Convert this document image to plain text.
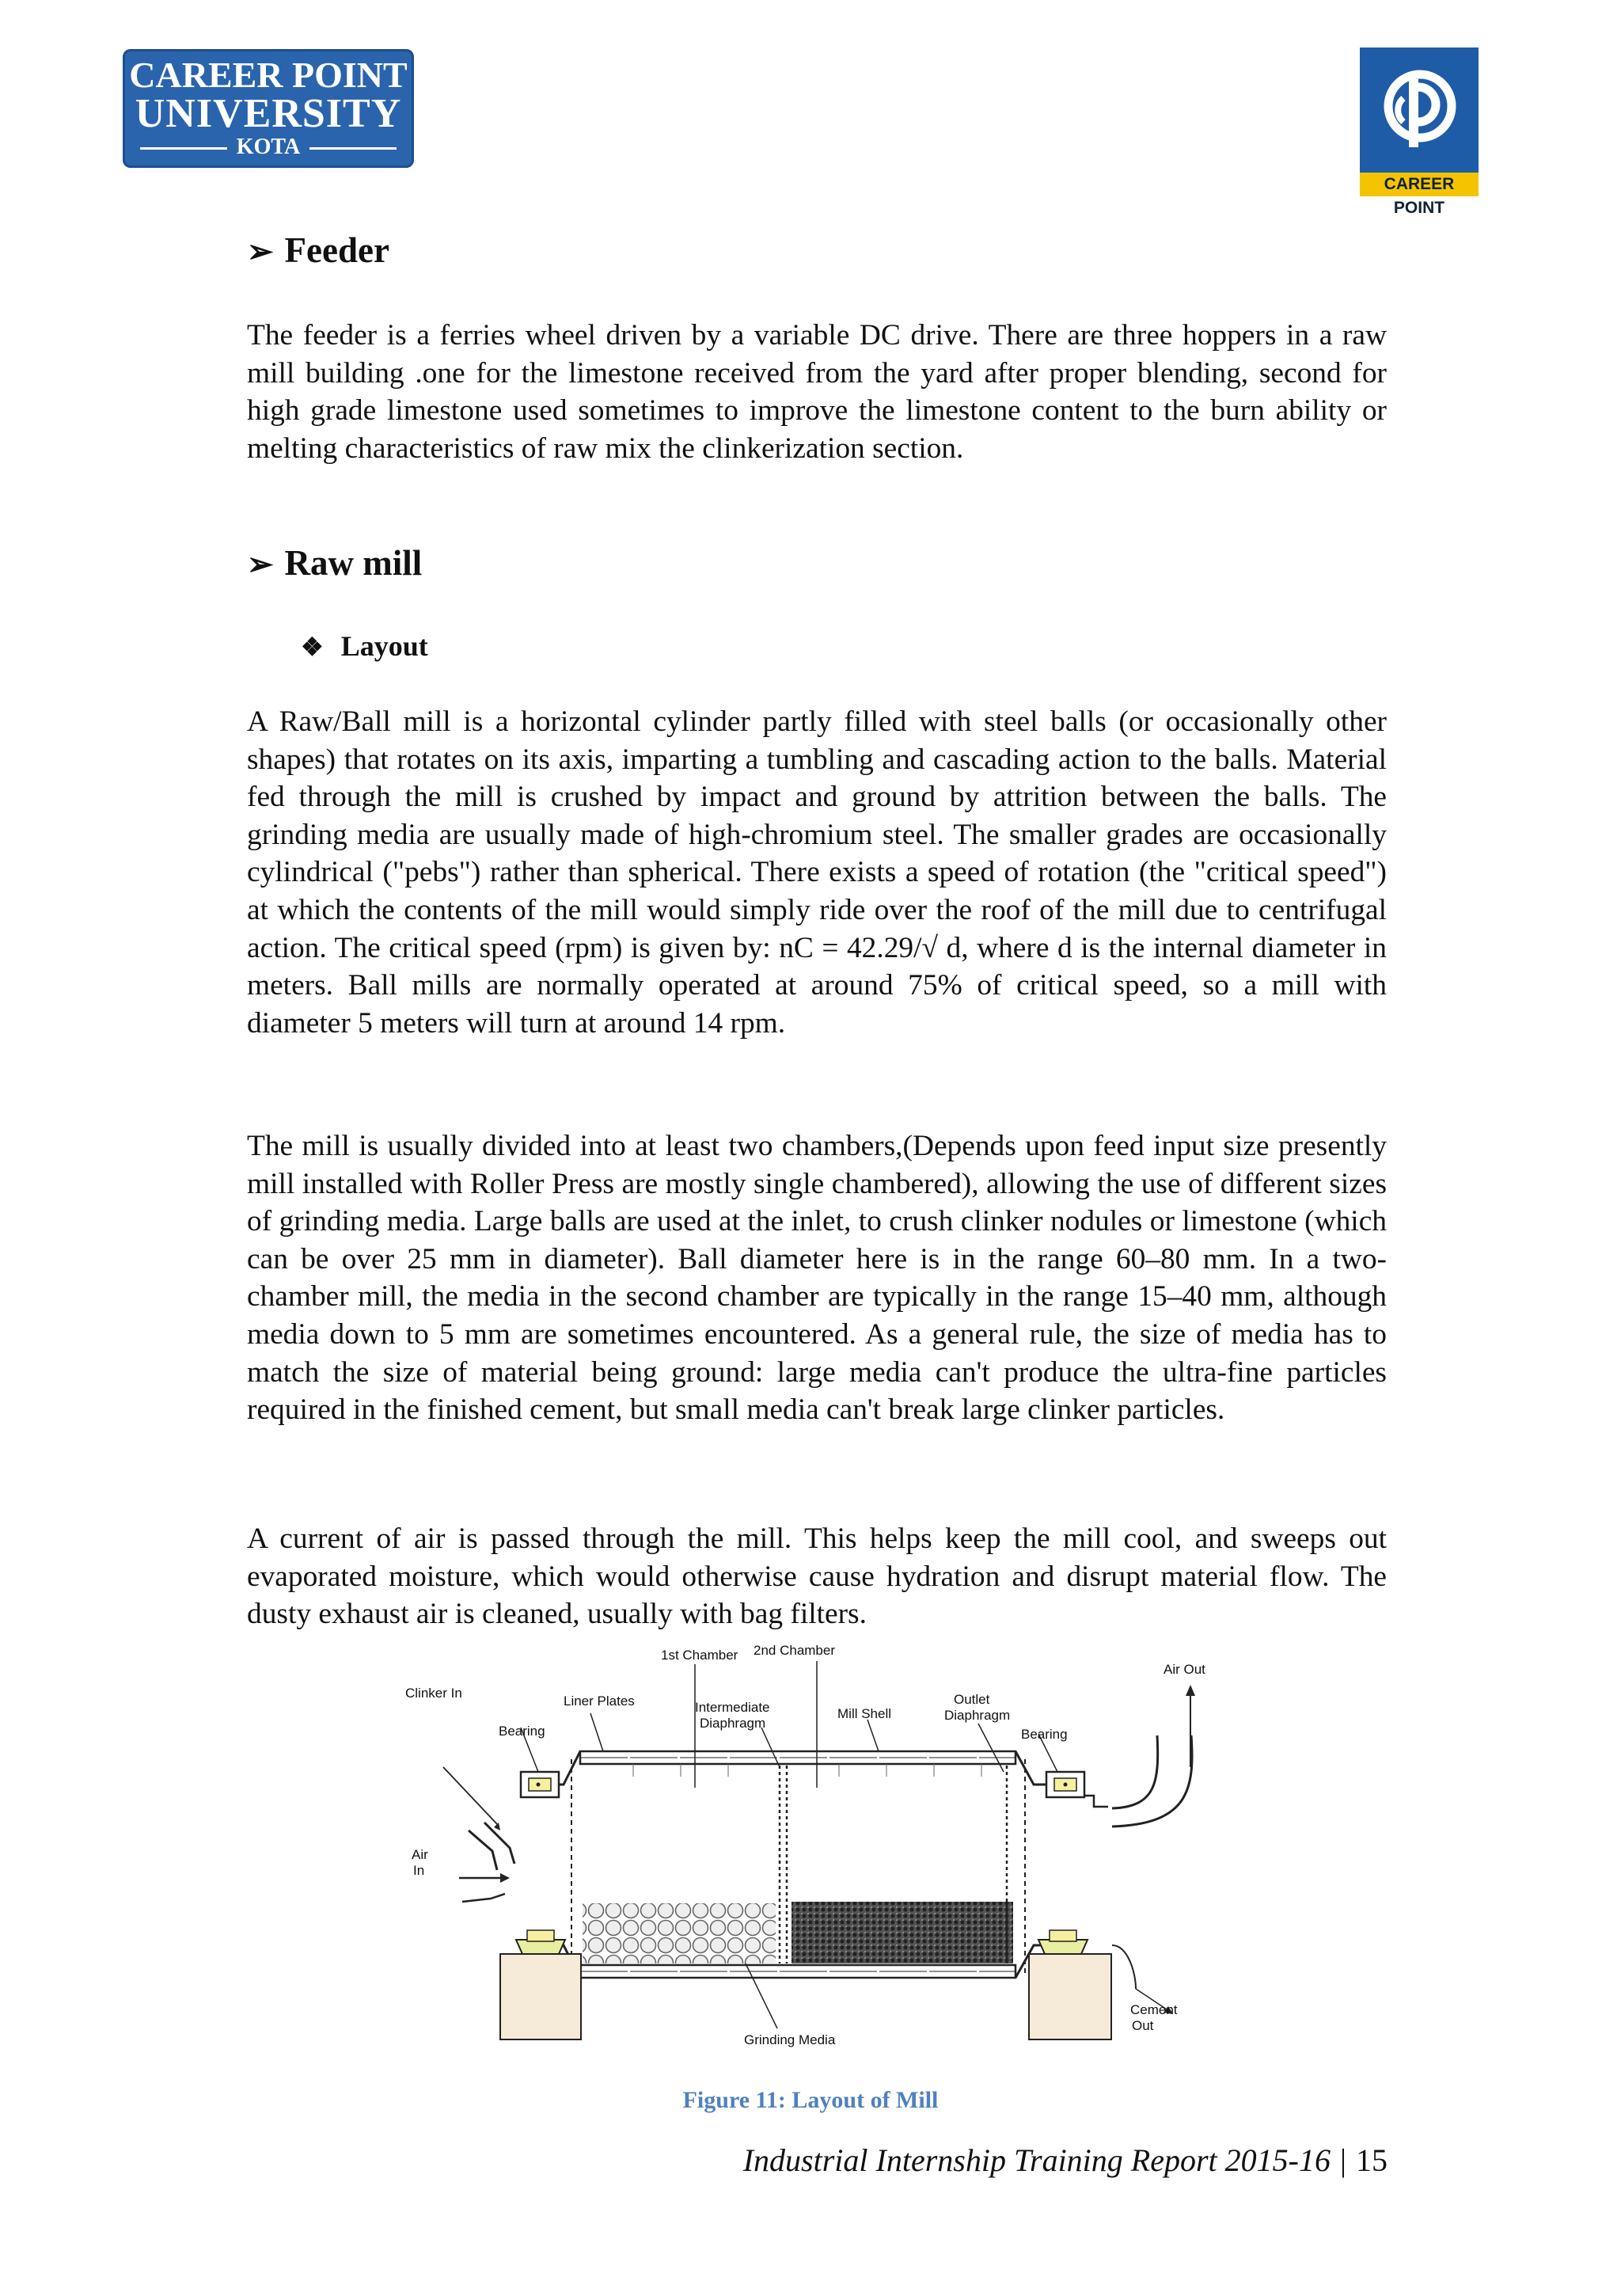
CAREER POINT
UNIVERSITY
KOTA
CAREER POINT
➢ Feeder
The feeder is a ferries wheel driven by a variable DC drive. There are three hoppers in a raw mill building .one for the limestone received from the yard after proper blending, second for high grade limestone used sometimes to improve the limestone content to the burn ability or melting characteristics of raw mix the clinkerization section.
➢ Raw mill
❖ Layout
A Raw/Ball mill is a horizontal cylinder partly filled with steel balls (or occasionally other shapes) that rotates on its axis, imparting a tumbling and cascading action to the balls. Material fed through the mill is crushed by impact and ground by attrition between the balls. The grinding media are usually made of high-chromium steel. The smaller grades are occasionally cylindrical ("pebs") rather than spherical. There exists a speed of rotation (the "critical speed") at which the contents of the mill would simply ride over the roof of the mill due to centrifugal action. The critical speed (rpm) is given by: nC = 42.29/√ d, where d is the internal diameter in meters. Ball mills are normally operated at around 75% of critical speed, so a mill with diameter 5 meters will turn at around 14 rpm.
The mill is usually divided into at least two chambers,(Depends upon feed input size presently mill installed with Roller Press are mostly single chambered), allowing the use of different sizes of grinding media. Large balls are used at the inlet, to crush clinker nodules or limestone (which can be over 25 mm in diameter). Ball diameter here is in the range 60–80 mm. In a two-chamber mill, the media in the second chamber are typically in the range 15–40 mm, although media down to 5 mm are sometimes encountered. As a general rule, the size of media has to match the size of material being ground: large media can't produce the ultra-fine particles required in the finished cement, but small media can't break large clinker particles.
A current of air is passed through the mill. This helps keep the mill cool, and sweeps out evaporated moisture, which would otherwise cause hydration and disrupt material flow. The dusty exhaust air is cleaned, usually with bag filters.
1st Chamber 2nd Chamber
Clinker In
Liner Plates	Intermediate
Diaphragm
Mill Shell
Outlet
Diaphragm
Air Out
Bearing	Bearing
Air
In
Grinding Media
Cement
Out
Figure 11: Layout of Mill
Industrial Internship Training Report 2015-16 | 15
